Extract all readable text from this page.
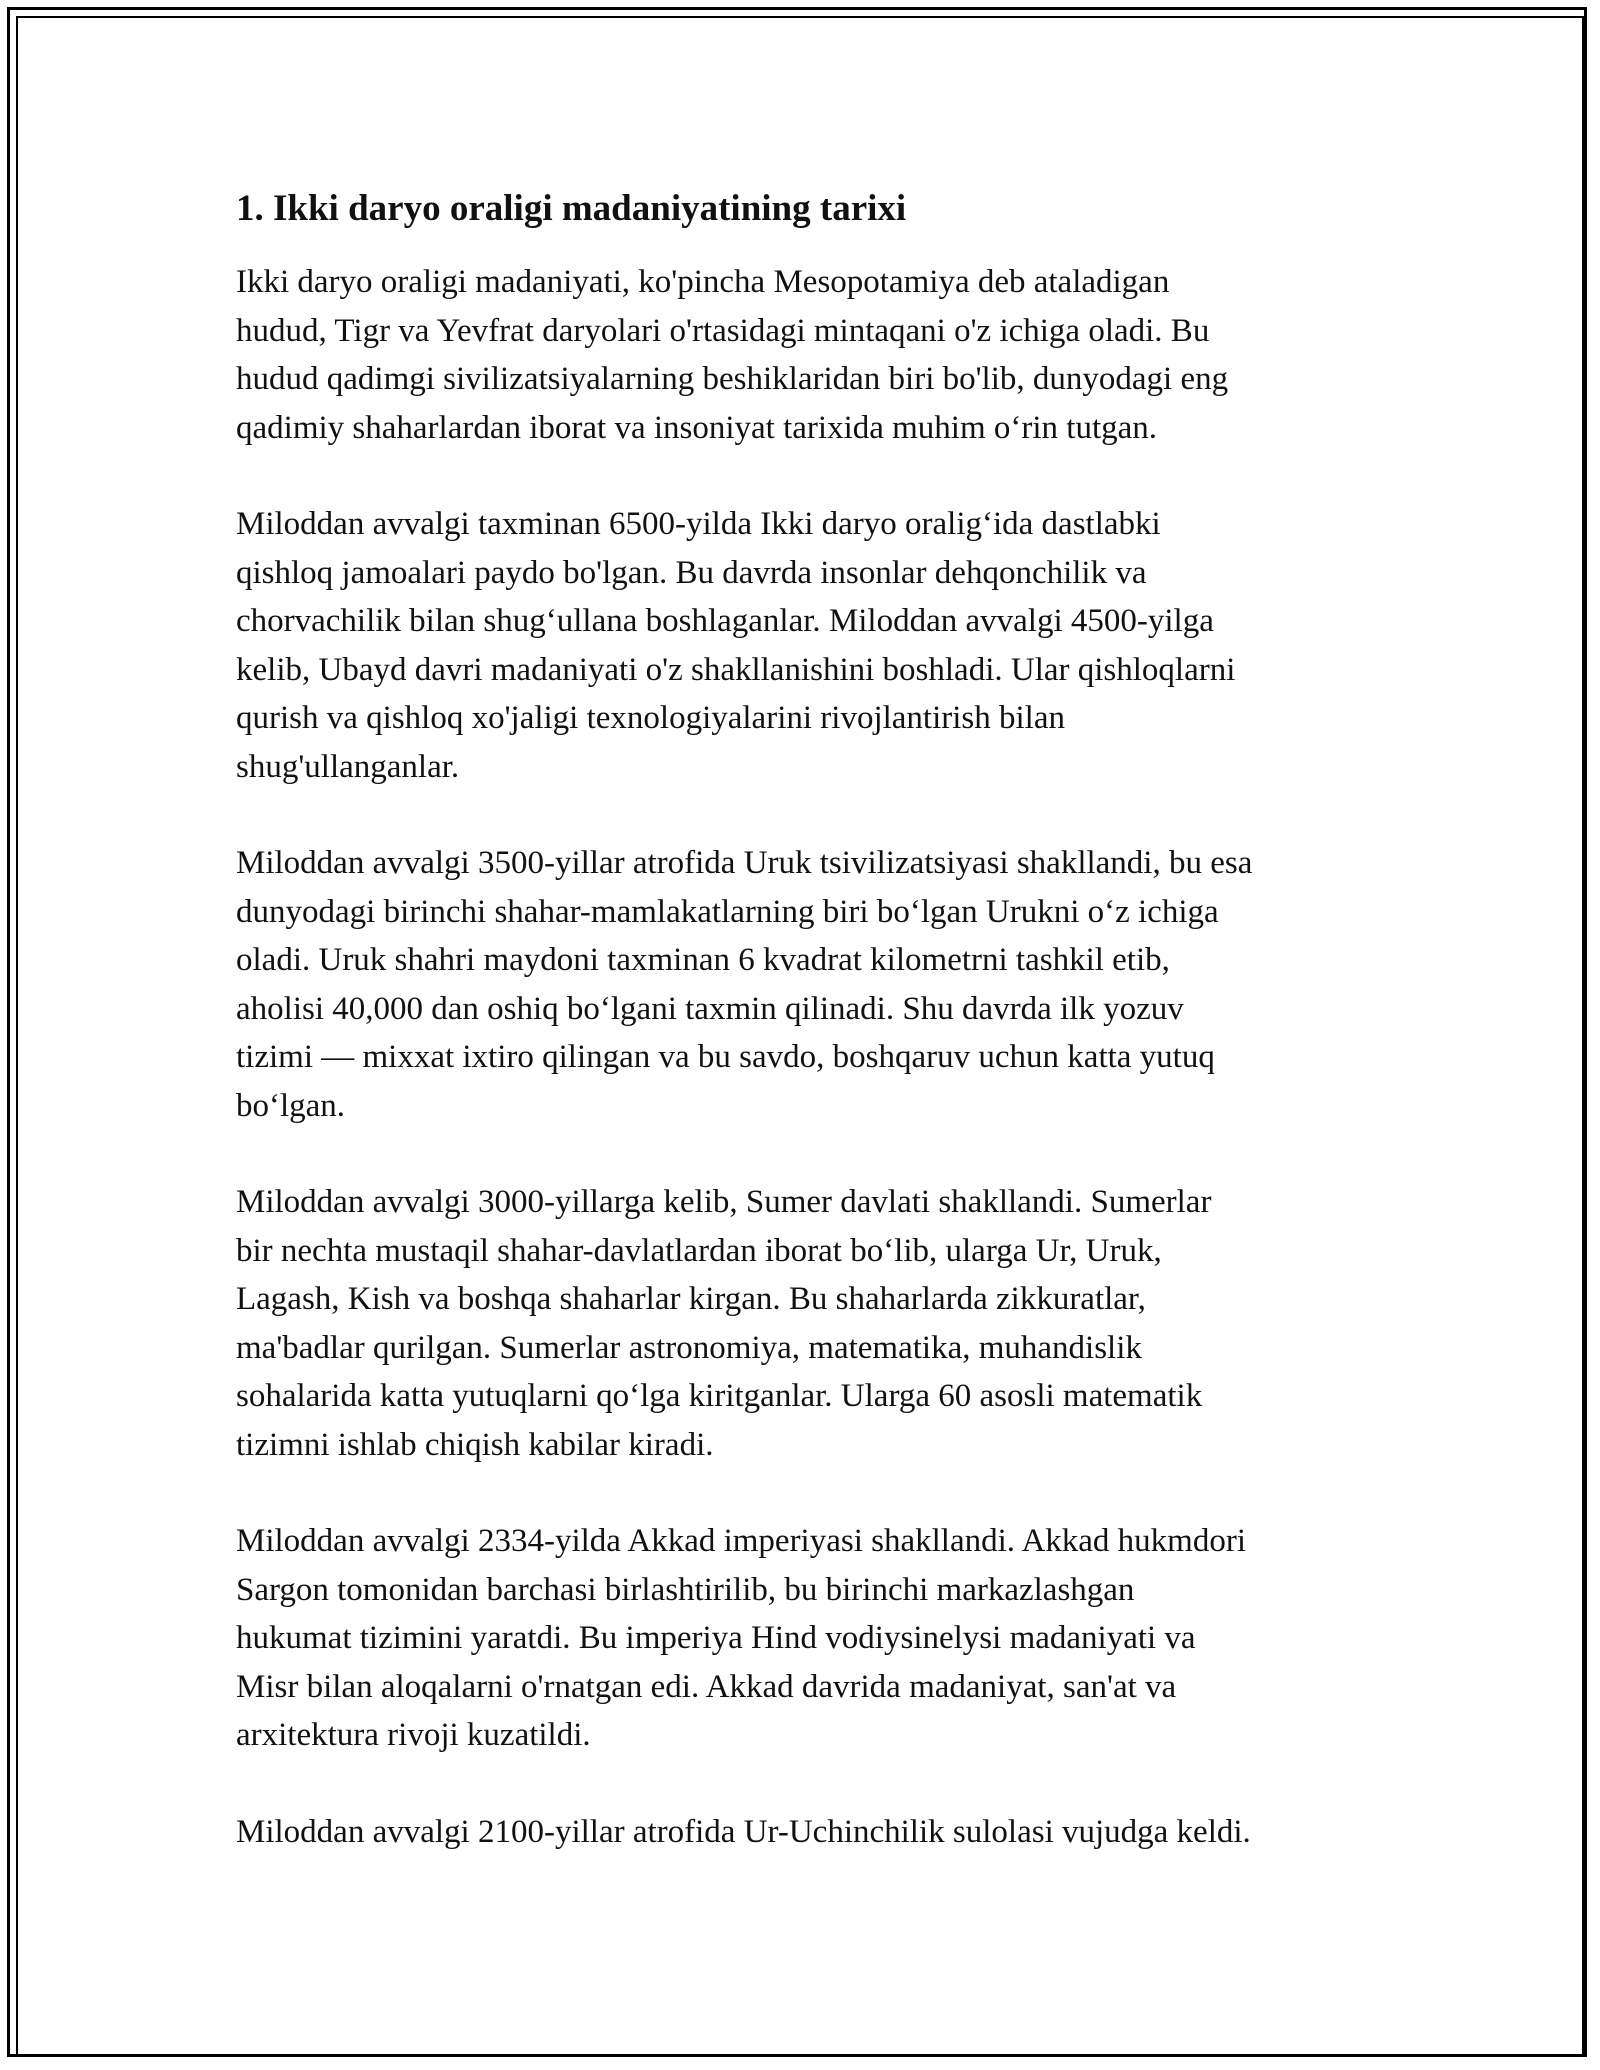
1. Ikki daryo oraligi madaniyatining tarixi

Ikki daryo oraligi madaniyati, ko'pincha Mesopotamiya deb ataladigan
hudud, Tigr va Yevfrat daryolari o'rtasidagi mintaqani o'z ichiga oladi. Bu
hudud qadimgi sivilizatsiyalarning beshiklaridan biri bo'lib, dunyodagi eng
qadimiy shaharlardan iborat va insoniyat tarixida muhim o‘rin tutgan.

Miloddan avvalgi taxminan 6500-yilda Ikki daryo oralig‘ida dastlabki
qishloq jamoalari paydo bo'lgan. Bu davrda insonlar dehqonchilik va
chorvachilik bilan shug‘ullana boshlaganlar. Miloddan avvalgi 4500-yilga
kelib, Ubayd davri madaniyati o'z shakllanishini boshladi. Ular qishloqlarni
qurish va qishloq xo'jaligi texnologiyalarini rivojlantirish bilan
shug'ullanganlar.

Miloddan avvalgi 3500-yillar atrofida Uruk tsivilizatsiyasi shakllandi, bu esa
dunyodagi birinchi shahar-mamlakatlarning biri bo‘lgan Urukni o‘z ichiga
oladi. Uruk shahri maydoni taxminan 6 kvadrat kilometrni tashkil etib,
aholisi 40,000 dan oshiq bo‘lgani taxmin qilinadi. Shu davrda ilk yozuv
tizimi — mixxat ixtiro qilingan va bu savdo, boshqaruv uchun katta yutuq
bo‘lgan.

Miloddan avvalgi 3000-yillarga kelib, Sumer davlati shakllandi. Sumerlar
bir nechta mustaqil shahar-davlatlardan iborat bo‘lib, ularga Ur, Uruk,
Lagash, Kish va boshqa shaharlar kirgan. Bu shaharlarda zikkuratlar,
ma'badlar qurilgan. Sumerlar astronomiya, matematika, muhandislik
sohalarida katta yutuqlarni qo‘lga kiritganlar. Ularga 60 asosli matematik
tizimni ishlab chiqish kabilar kiradi.

Miloddan avvalgi 2334-yilda Akkad imperiyasi shakllandi. Akkad hukmdori
Sargon tomonidan barchasi birlashtirilib, bu birinchi markazlashgan
hukumat tizimini yaratdi. Bu imperiya Hind vodiysinelysi madaniyati va
Misr bilan aloqalarni o'rnatgan edi. Akkad davrida madaniyat, san'at va
arxitektura rivoji kuzatildi.

Miloddan avvalgi 2100-yillar atrofida Ur-Uchinchilik sulolasi vujudga keldi.
